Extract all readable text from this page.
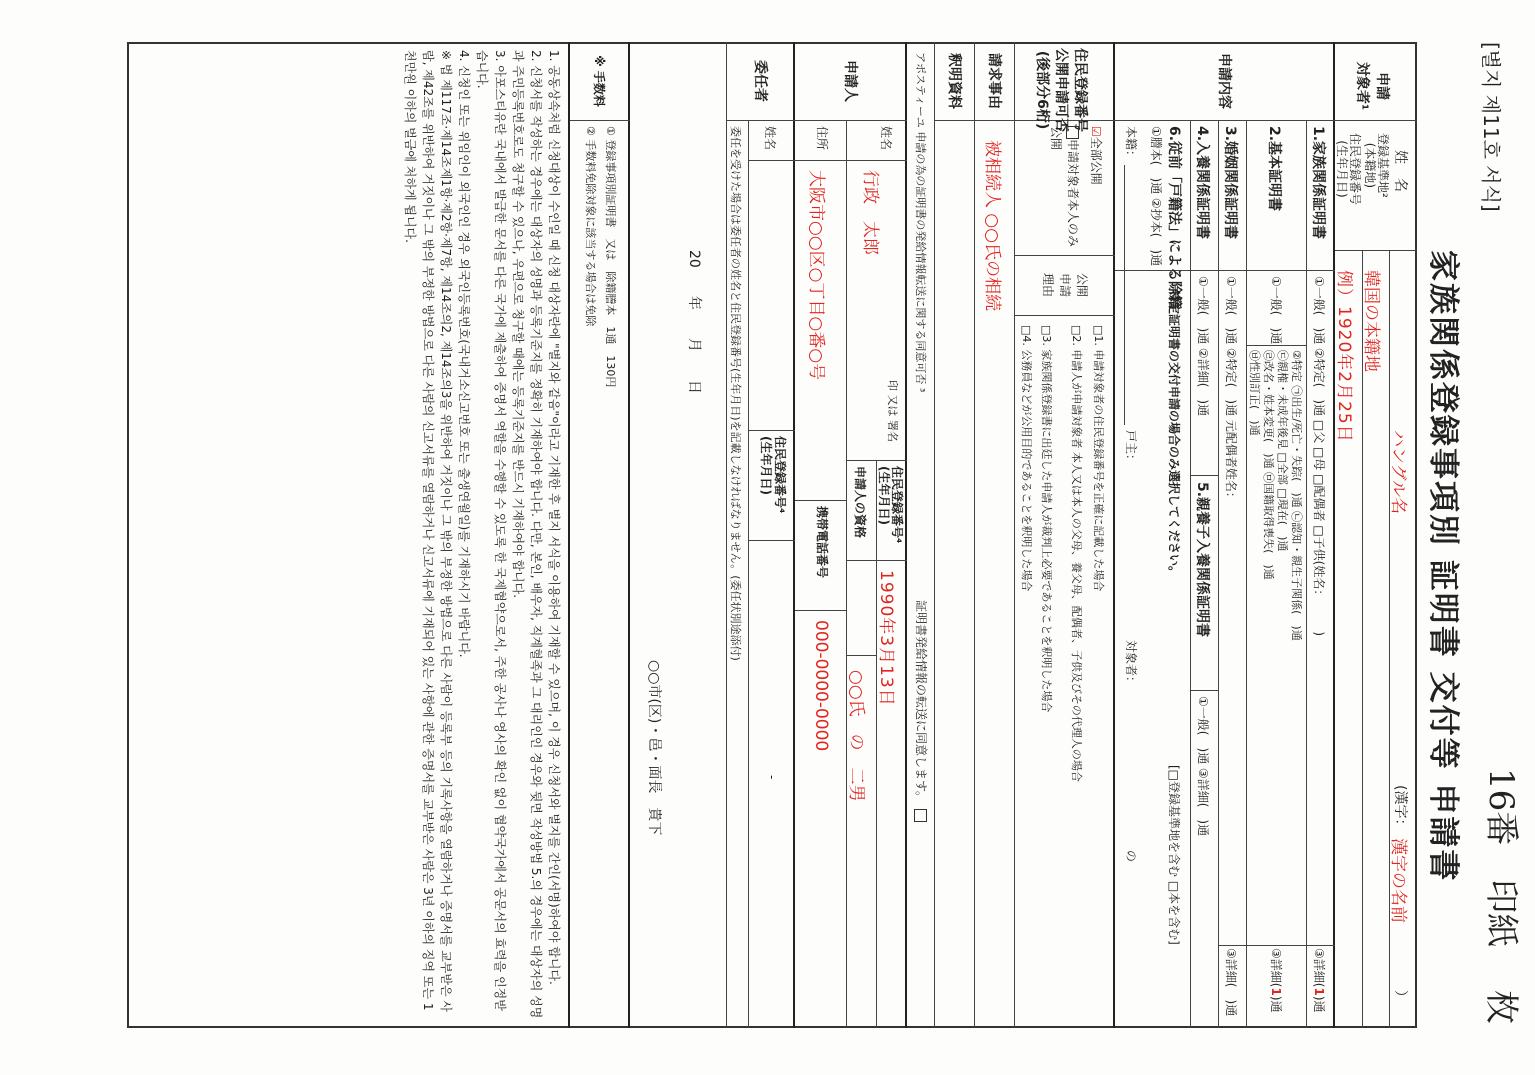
[별지 제11호 서식]
家族関係登録事項別 証明書 交付等 申請書 16番　印紙
枚
申請
対象者¹
姓　名
登録基準地²
(本籍地)
住民登録番号
(生年月日)
ハングル名
(漢字：
漢字の名前
）
韓国の本籍地
例）1920年2月25日
申請内容
1.家族関係証明書
①一般(　)通 ②特定(　)通 □父 □母 □配偶者 □子供(姓名：　　　)
③詳細(1)通
2.基本証明書
①一般(　)通
②特定 ㉠出生/死亡・失踪(　)通 ㉡認知・親生子関係(　)通
㉢親権・未成年後見 □全部 □現在(　)通
㉣改名・姓本変更(　)通 ㉤国籍取得喪失(　)通
㉥性別訂正(　)通
③詳細(1)通
3.婚姻関係証明書
①一般(　)通 ②特定(　)通 元配偶者姓名：
③詳細(　)通
4.入養関係証明書
①一般(　)通 ②詳細(　)通
5.親養子入養関係証明書
①一般(　)通 ③詳細(　)通
6.従前「戸籍法」による除籍
①謄本(　)通 ②抄本(　)通
特定証明書の交付申請の場合のみ選択してください。
[□登録基準地を含む □本を含む]
本籍：
戸主：
対象者：
の
住民登録番号
公開申請可否
(後部分6桁)
☑全部公開
申請対象者本人のみ公開
公開
申請
理由
□1. 申請対象者の住民登録番号を正確に記載した場合
□2. 申請人が申請対象者 本人又は本人の父母、養父母、配偶者、子供及びその代理人の場合
□3. 家族関係登録書に出廷した申請人が裁判上必要であることを釈明した場合
□4. 公務員などが公用目的であることを釈明した場合
請求事由
被相続人 ○○氏の相続
釈明資料
アポスティーユ 申請の為の証明書の発給情報転送に関する同意可否 ³
証明書発給情報の転送に同意します。　
申請人
姓名
行政　太郎
印 又は 署名
住民登録番号⁴
(生年月日)
1990年3月13日
申請人の資格
○○氏　の　二男
住所
大阪市○○区○丁目○番○号
携帯電話番号
000-0000-0000
委任者
姓名
住民登録番号⁴
(生年月日)
-
委任を受けた場合は委任者の姓名と住民登録番号(生年月日)を記載しなければなりません。(委任状別途添付)
20　　年　　月　　日
○○市(区)・邑・面長　貴下
※ 手数料
① 登録事項別証明書　又は　除籍謄本　1通　130円
② 手数料免除対象に該当する場合は免除
1. 공동상속처럼 신청대상이 수인일 때 신청 대상자란에 "별지와 같음"이라고 기재한 후 별지 서식을 이용하여 기재할 수 있으며, 이 경우 신청서와 별지를 간인(서명)하여야 합니다.
2. 신청서를 작성하는 경우에는 대상자의 성명과 등록기준지를 정확히 기재하여야 합니다. 다만, 본인, 배우자, 직계혈족과 그 대리인인 경우와 뒷면 작성방법 5.의 경우에는 대상자의 성명과 주민등록번호로도 청구할 수 있으나, 우편으로 청구할 때에는 등록기준지를 반드시 기재하여야 합니다.
3. 아포스티유란 국내에서 발급한 문서를 다른 국가에 제출하여 증명서 역할을 수행할 수 있도록 한 국제협약으로서, 주한 공사나 영사의 확인 없이 협약국가에서 공문서의 효력을 인정받습니다.
4. 신청인 또는 위임인이 외국인인 경우 외국인등록번호(국내거소신고번호 또는 출생연월일)를 기재하시기 바랍니다.
※ 법 제117조·제14조제1항·제2항·제7항, 제14조의2, 제14조의3을 위반하여 거짓이나 그 밖의 부정한 방법으로 다른 사람이 등록부 등의 기록사항을 열람하거나 증명서를 교부받은 사람, 제42조를 위반하여 거짓이나 그 밖의 부정한 방법으로 다른 사람의 신고서류를 열람하거나 신고서류에 기재되어 있는 사항에 관한 증명서를 교부받은 사람은 3년 이하의 징역 또는 1천만원 이하의 벌금에 처하게 됩니다.
